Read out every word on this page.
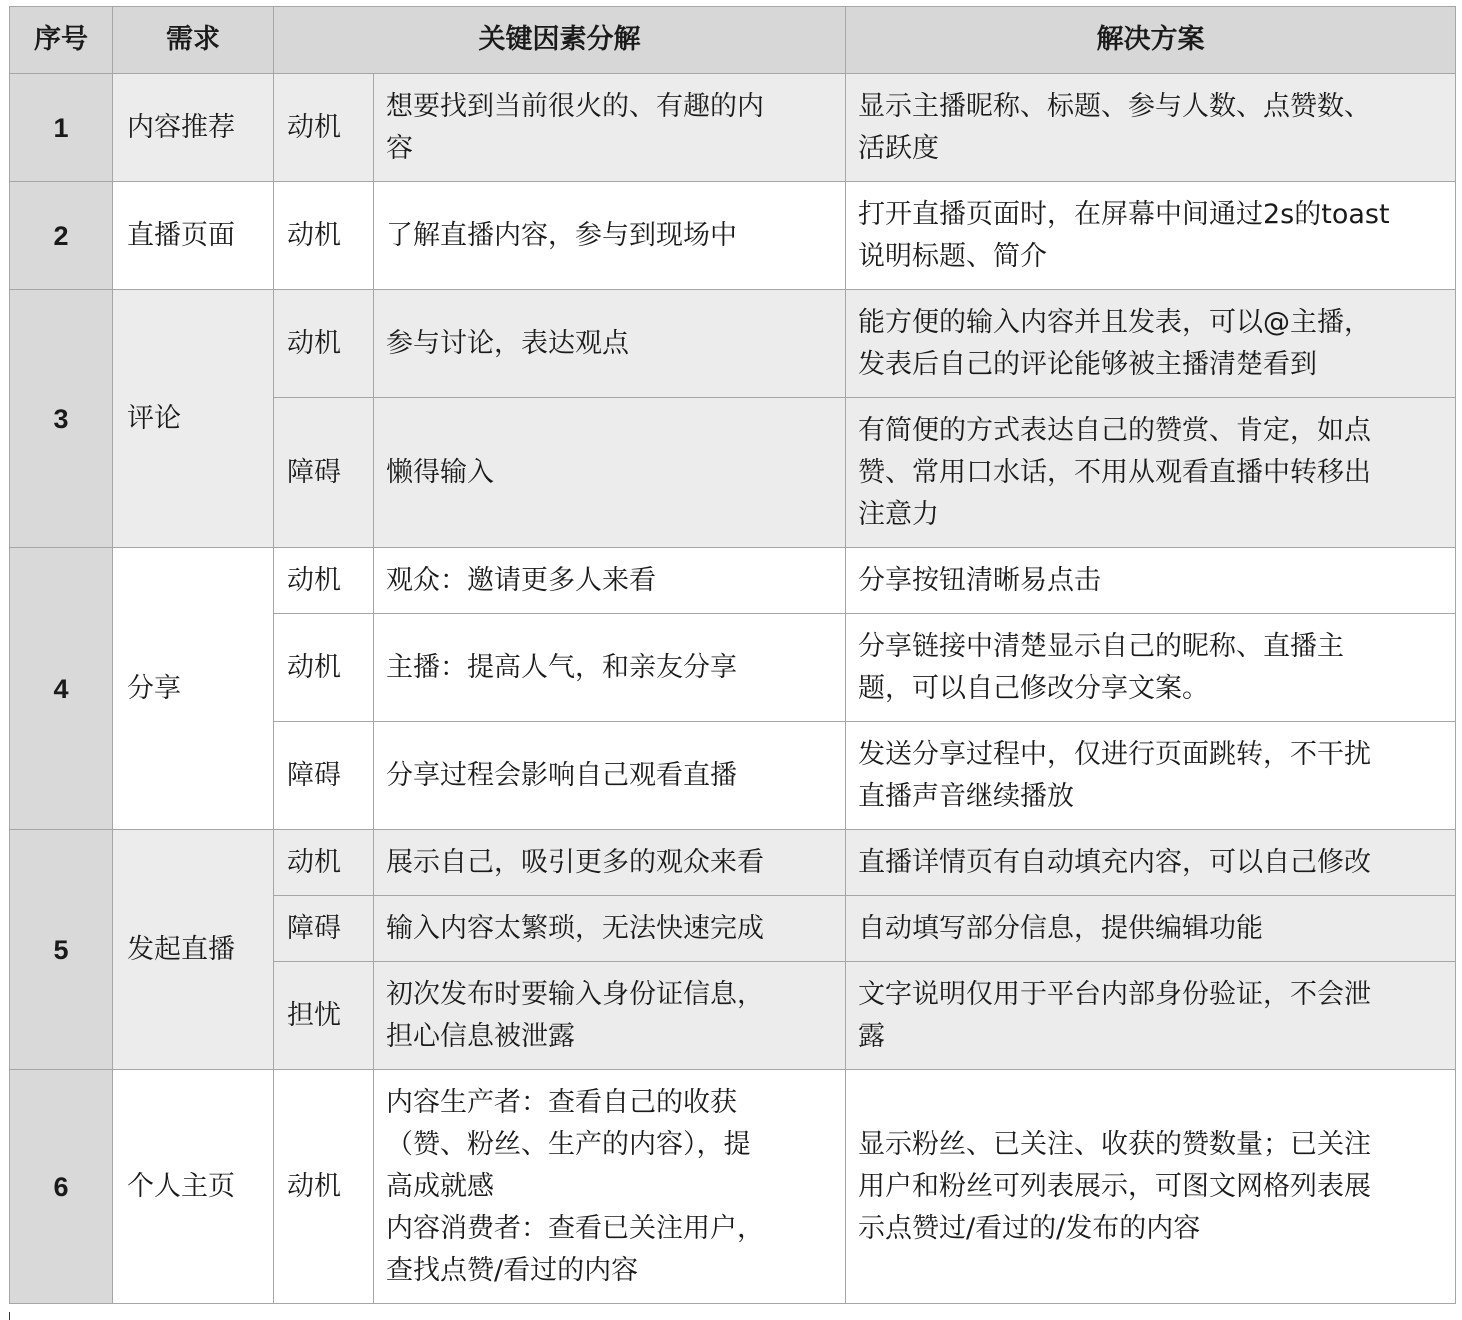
序号	需求	关键因素分解		解决方案
1	内容推荐	动机	想要找到当前很火的、有趣的内
容	显示主播昵称、标题、参与人数、点赞数、
活跃度
2	直播页面	动机	了解直播内容，参与到现场中	打开直播页面时，在屏幕中间通过2s的toast
说明标题、简介
3	评论	动机	参与讨论，表达观点	能方便的输入内容并且发表，可以@主播，
发表后自己的评论能够被主播清楚看到
		障碍	懒得输入	有简便的方式表达自己的赞赏、肯定，如点
赞、常用口水话，不用从观看直播中转移出
注意力
4	分享	动机	观众：邀请更多人来看	分享按钮清晰易点击
		动机	主播：提高人气，和亲友分享	分享链接中清楚显示自己的昵称、直播主
题，可以自己修改分享文案。
		障碍	分享过程会影响自己观看直播	发送分享过程中，仅进行页面跳转，不干扰
直播声音继续播放
5	发起直播	动机	展示自己，吸引更多的观众来看	直播详情页有自动填充内容，可以自己修改
		障碍	输入内容太繁琐，无法快速完成	自动填写部分信息，提供编辑功能
		担忧	初次发布时要输入身份证信息，
担心信息被泄露	文字说明仅用于平台内部身份验证，不会泄
露
6	个人主页	动机	内容生产者：查看自己的收获
（赞、粉丝、生产的内容），提
高成就感
内容消费者：查看已关注用户，
查找点赞/看过的内容	显示粉丝、已关注、收获的赞数量；已关注
用户和粉丝可列表展示，可图文网格列表展
示点赞过/看过的/发布的内容
